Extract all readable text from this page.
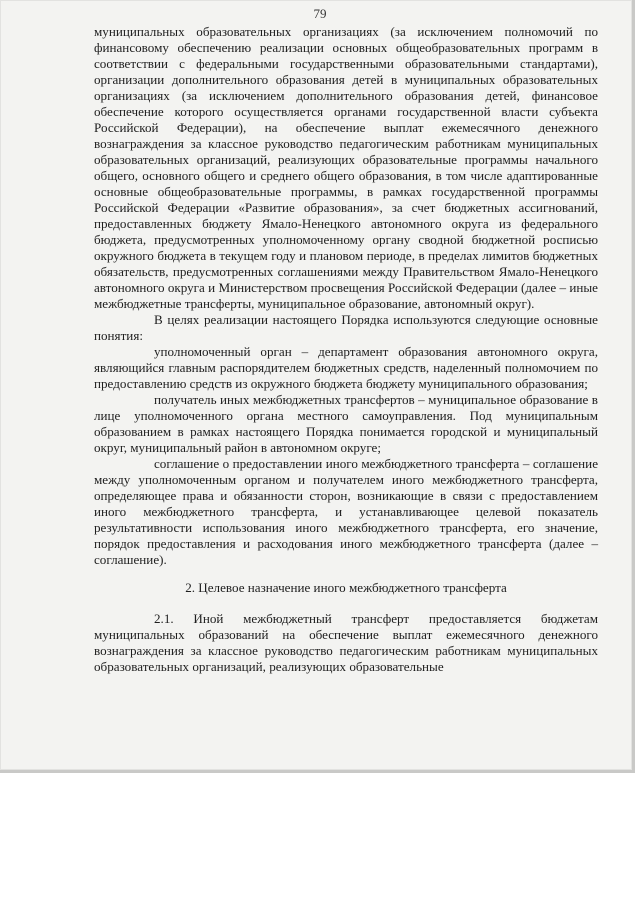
79

муниципальных образовательных организациях (за исключением полномочий по финансовому обеспечению реализации основных общеобразовательных программ в соответствии с федеральными государственными образовательными стандартами), организации дополнительного образования детей в муниципальных образовательных организациях (за исключением дополнительного образования детей, финансовое обеспечение которого осуществляется органами государственной власти субъекта Российской Федерации), на обеспечение выплат ежемесячного денежного вознаграждения за классное руководство педагогическим работникам муниципальных образовательных организаций, реализующих образовательные программы начального общего, основного общего и среднего общего образования, в том числе адаптированные основные общеобразовательные программы, в рамках государственной программы Российской Федерации «Развитие образования», за счет бюджетных ассигнований, предоставленных бюджету Ямало-Ненецкого автономного округа из федерального бюджета, предусмотренных уполномоченному органу сводной бюджетной росписью окружного бюджета в текущем году и плановом периоде, в пределах лимитов бюджетных обязательств, предусмотренных соглашениями между Правительством Ямало-Ненецкого автономного округа и Министерством просвещения Российской Федерации (далее – иные межбюджетные трансферты, муниципальное образование, автономный округ).

В целях реализации настоящего Порядка используются следующие основные понятия:

уполномоченный орган – департамент образования автономного округа, являющийся главным распорядителем бюджетных средств, наделенный полномочием по предоставлению средств из окружного бюджета бюджету муниципального образования;

получатель иных межбюджетных трансфертов – муниципальное образование в лице уполномоченного органа местного самоуправления. Под муниципальным образованием в рамках настоящего Порядка понимается городской и муниципальный округ, муниципальный район в автономном округе;

соглашение о предоставлении иного межбюджетного трансферта – соглашение между уполномоченным органом и получателем иного межбюджетного трансферта, определяющее права и обязанности сторон, возникающие в связи с предоставлением иного межбюджетного трансферта, и устанавливающее целевой показатель результативности использования иного межбюджетного трансферта, его значение, порядок предоставления и расходования иного межбюджетного трансферта (далее – соглашение).

2. Целевое назначение иного межбюджетного трансферта

2.1. Иной межбюджетный трансферт предоставляется бюджетам муниципальных образований на обеспечение выплат ежемесячного денежного вознаграждения за классное руководство педагогическим работникам муниципальных образовательных организаций, реализующих образовательные
